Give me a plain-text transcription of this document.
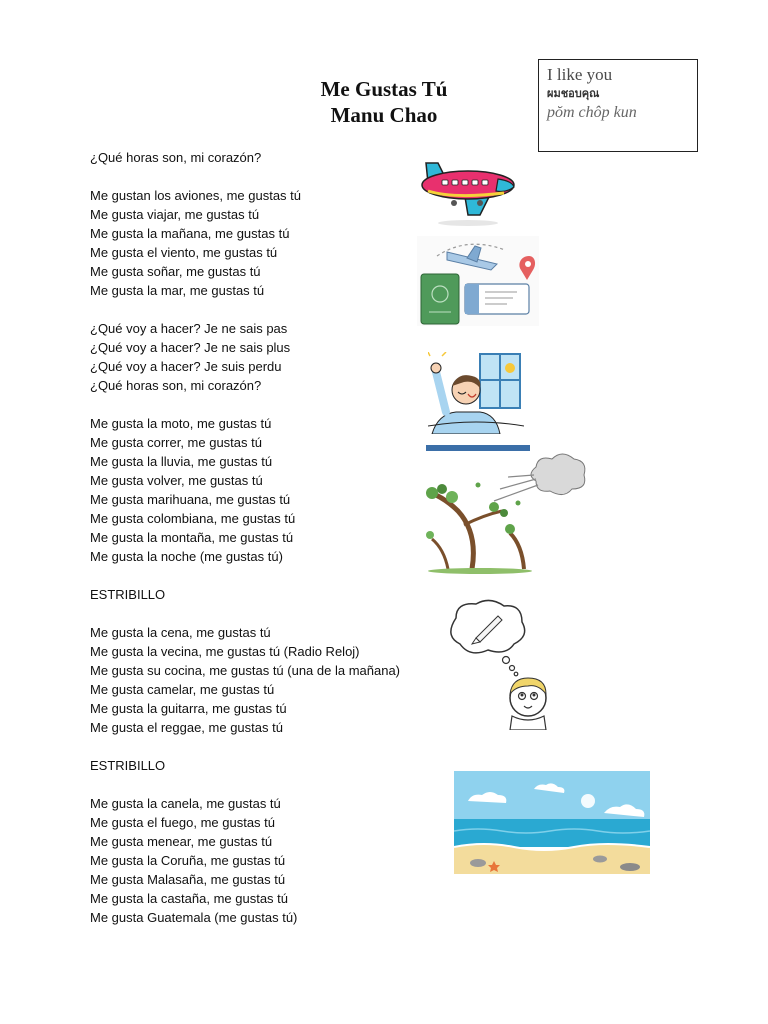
Me Gustas Tú
Manu Chao
I like you
ผมชอบคุณ
pŏm chôp kun
¿Qué horas son, mi corazón?
Me gustan los aviones, me gustas tú
Me gusta viajar, me gustas tú
Me gusta la mañana, me gustas tú
Me gusta el viento, me gustas tú
Me gusta soñar, me gustas tú
Me gusta la mar, me gustas tú
¿Qué voy a hacer? Je ne sais pas
¿Qué voy a hacer? Je ne sais plus
¿Qué voy a hacer? Je suis perdu
¿Qué horas son, mi corazón?
Me gusta la moto, me gustas tú
Me gusta correr, me gustas tú
Me gusta la lluvia, me gustas tú
Me gusta volver, me gustas tú
Me gusta marihuana, me gustas tú
Me gusta colombiana, me gustas tú
Me gusta la montaña, me gustas tú
Me gusta la noche (me gustas tú)
ESTRIBILLO
Me gusta la cena, me gustas tú
Me gusta la vecina, me gustas tú (Radio Reloj)
Me gusta su cocina, me gustas tú (una de la mañana)
Me gusta camelar, me gustas tú
Me gusta la guitarra, me gustas tú
Me gusta el reggae, me gustas tú
ESTRIBILLO
Me gusta la canela, me gustas tú
Me gusta el fuego, me gustas tú
Me gusta menear, me gustas tú
Me gusta la Coruña, me gustas tú
Me gusta Malasaña, me gustas tú
Me gusta la castaña, me gustas tú
Me gusta Guatemala (me gustas tú)
